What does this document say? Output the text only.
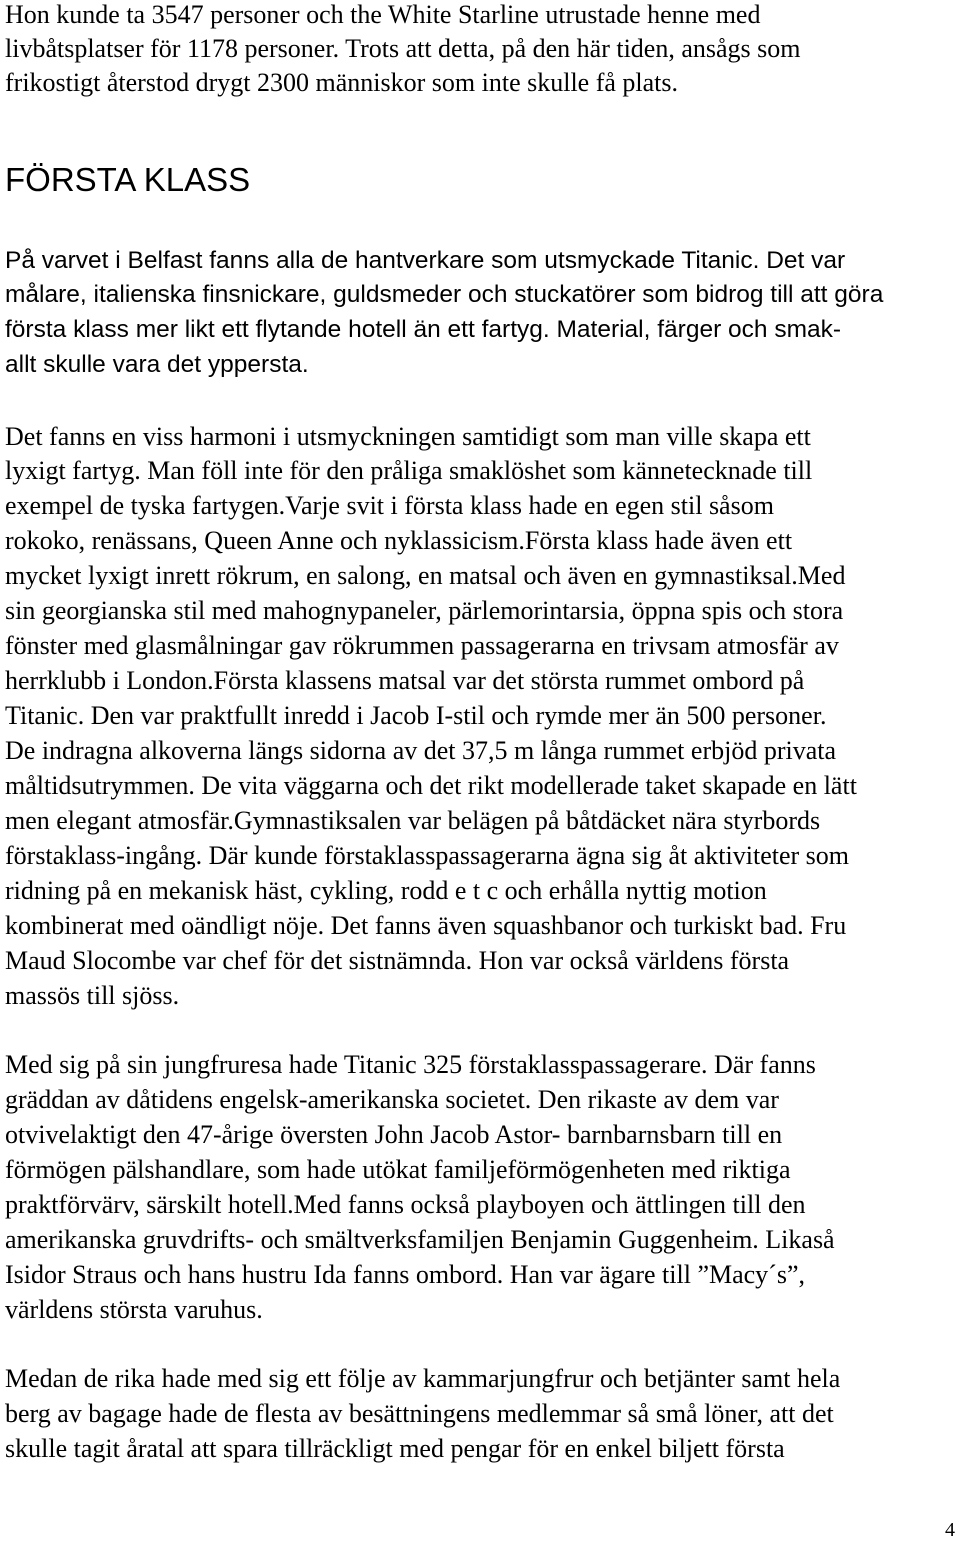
Hon kunde ta 3547 personer och the White Starline utrustade henne med

livbåtsplatser för 1178 personer. Trots att detta, på den här tiden, ansågs som

frikostigt återstod drygt 2300 människor som inte skulle få plats.

FÖRSTA KLASS

På varvet i Belfast fanns alla de hantverkare som utsmyckade Titanic. Det var

målare, italienska finsnickare, guldsmeder och stuckatörer som bidrog till att göra

första klass mer likt ett flytande hotell än ett fartyg. Material, färger och smak-

allt skulle vara det yppersta.

Det fanns en viss harmoni i utsmyckningen samtidigt som man ville skapa ett

lyxigt fartyg. Man föll inte för den pråliga smaklöshet som kännetecknade till

exempel de tyska fartygen.Varje svit i första klass hade en egen stil såsom

rokoko, renässans, Queen Anne och nyklassicism.Första klass hade även ett

mycket lyxigt inrett rökrum, en salong, en matsal och även en gymnastiksal.Med

sin georgianska stil med mahognypaneler, pärlemorintarsia, öppna spis och stora

fönster med glasmålningar gav rökrummen passagerarna en trivsam atmosfär av

herrklubb i London.Första klassens matsal var det största rummet ombord på

Titanic. Den var praktfullt inredd i Jacob I-stil och rymde mer än 500 personer.

De indragna alkoverna längs sidorna av det 37,5 m långa rummet erbjöd privata

måltidsutrymmen. De vita väggarna och det rikt modellerade taket skapade en lätt

men elegant atmosfär.Gymnastiksalen var belägen på båtdäcket nära styrbords

förstaklass-ingång. Där kunde förstaklasspassagerarna ägna sig åt aktiviteter som

ridning på en mekanisk häst, cykling, rodd e t c och erhålla nyttig motion

kombinerat med oändligt nöje. Det fanns även squashbanor och turkiskt bad. Fru

Maud Slocombe var chef för det sistnämnda. Hon var också världens första

massös till sjöss.

Med sig på sin jungfruresa hade Titanic 325 förstaklasspassagerare. Där fanns

gräddan av dåtidens engelsk-amerikanska societet. Den rikaste av dem var

otvivelaktigt den 47-årige översten John Jacob Astor- barnbarnsbarn till en

förmögen pälshandlare, som hade utökat familjeförmögenheten med riktiga

praktförvärv, särskilt hotell.Med fanns också playboyen och ättlingen till den

amerikanska gruvdrifts- och smältverksfamiljen Benjamin Guggenheim. Likaså

Isidor Straus och hans hustru Ida fanns ombord. Han var ägare till ”Macy´s”,

världens största varuhus.

Medan de rika hade med sig ett följe av kammarjungfrur och betjänter samt hela

berg av bagage hade de flesta av besättningens medlemmar så små löner, att det

skulle tagit åratal att spara tillräckligt med pengar för en enkel biljett första

4
